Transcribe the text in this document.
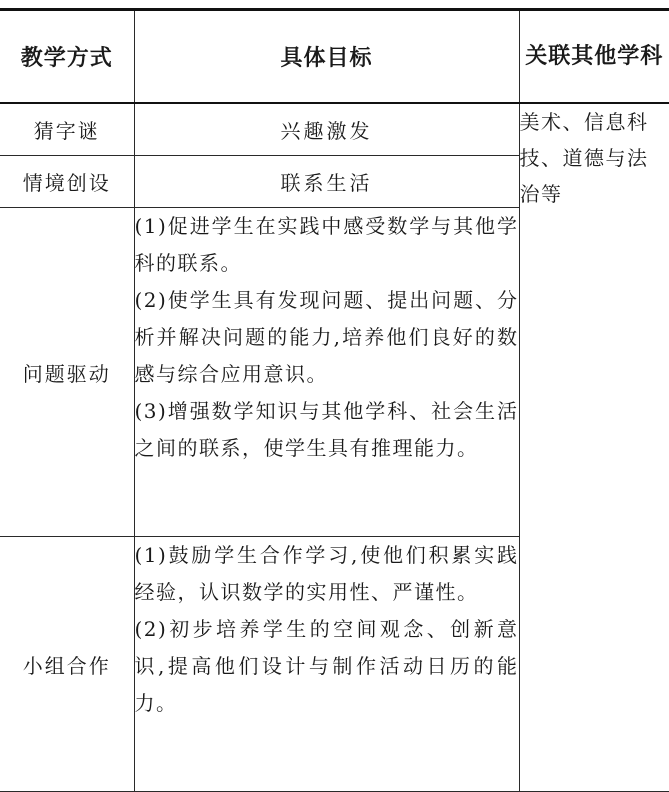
教学方式	具体目标	关联其他学科
猜字谜	兴趣激发	美术、信息科技、道德与法治等
情境创设	联系生活	
问题驱动	(1)促进学生在实践中感受数学与其他学科的联系。
(2)使学生具有发现问题、提出问题、分析并解决问题的能力,培养他们良好的数感与综合应用意识。
(3)增强数学知识与其他学科、社会生活之间的联系，使学生具有推理能力。	

小组合作	(1)鼓励学生合作学习,使他们积累实践经验，认识数学的实用性、严谨性。
(2)初步培养学生的空间观念、创新意识,提高他们设计与制作活动日历的能力。	
